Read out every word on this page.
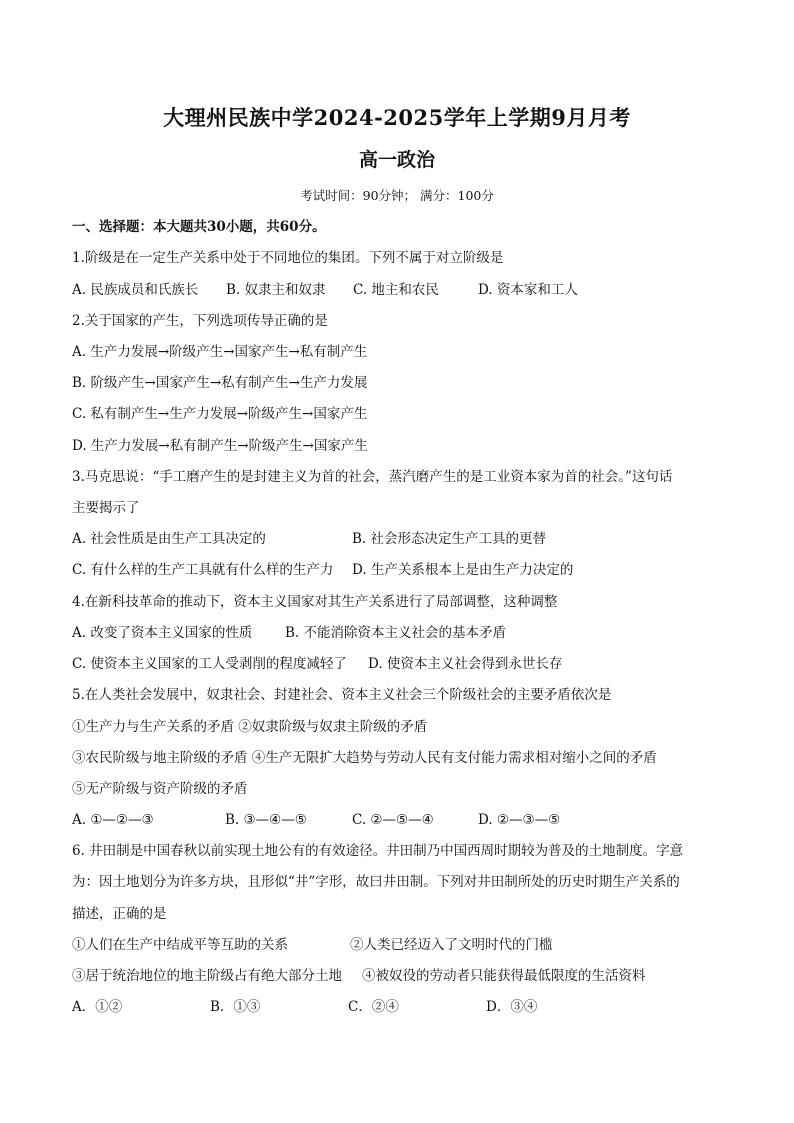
大理州民族中学2024-2025学年上学期9月月考
高一政治
考试时间：90分钟； 满分：100分
一、选择题：本大题共30小题，共60分。
1.阶级是在一定生产关系中处于不同地位的集团。下列不属于对立阶级是
A. 民族成员和氏族长 B. 奴隶主和奴隶 C. 地主和农民	D. 资本家和工人
2.关于国家的产生，下列选项传导正确的是
A. 生产力发展→阶级产生→国家产生→私有制产生
B. 阶级产生→国家产生→私有制产生→生产力发展
C. 私有制产生→生产力发展→阶级产生→国家产生
D. 生产力发展→私有制产生→阶级产生→国家产生
3.马克思说：“手工磨产生的是封建主义为首的社会，蒸汽磨产生的是工业资本家为首的社会。”这句话
主要揭示了
A. 社会性质是由生产工具决定的	B. 社会形态决定生产工具的更替
C. 有什么样的生产工具就有什么样的生产力 D. 生产关系根本上是由生产力决定的
4.在新科技革命的推动下，资本主义国家对其生产关系进行了局部调整，这种调整
A. 改变了资本主义国家的性质 B. 不能消除资本主义社会的基本矛盾
C. 使资本主义国家的工人受剥削的程度减轻了 D. 使资本主义社会得到永世长存
5.在人类社会发展中，奴隶社会、封建社会、资本主义社会三个阶级社会的主要矛盾依次是
①生产力与生产关系的矛盾 ②奴隶阶级与奴隶主阶级的矛盾
③农民阶级与地主阶级的矛盾 ④生产无限扩大趋势与劳动人民有支付能力需求相对缩小之间的矛盾
⑤无产阶级与资产阶级的矛盾
A. ①—②—③	B. ③—④—⑤	C. ②—⑤—④	D. ②—③—⑤
6. 井田制是中国春秋以前实现土地公有的有效途径。井田制乃中国西周时期较为普及的土地制度。字意
为：因土地划分为许多方块，且形似“井”字形，故曰井田制。下列对井田制所处的历史时期生产关系的
描述，正确的是
①人们在生产中结成平等互助的关系	②人类已经迈入了文明时代的门槛
③居于统治地位的地主阶级占有绝大部分土地 ④被奴役的劳动者只能获得最低限度的生活资料
A．①②	B．①③	C．②④	D．③④
